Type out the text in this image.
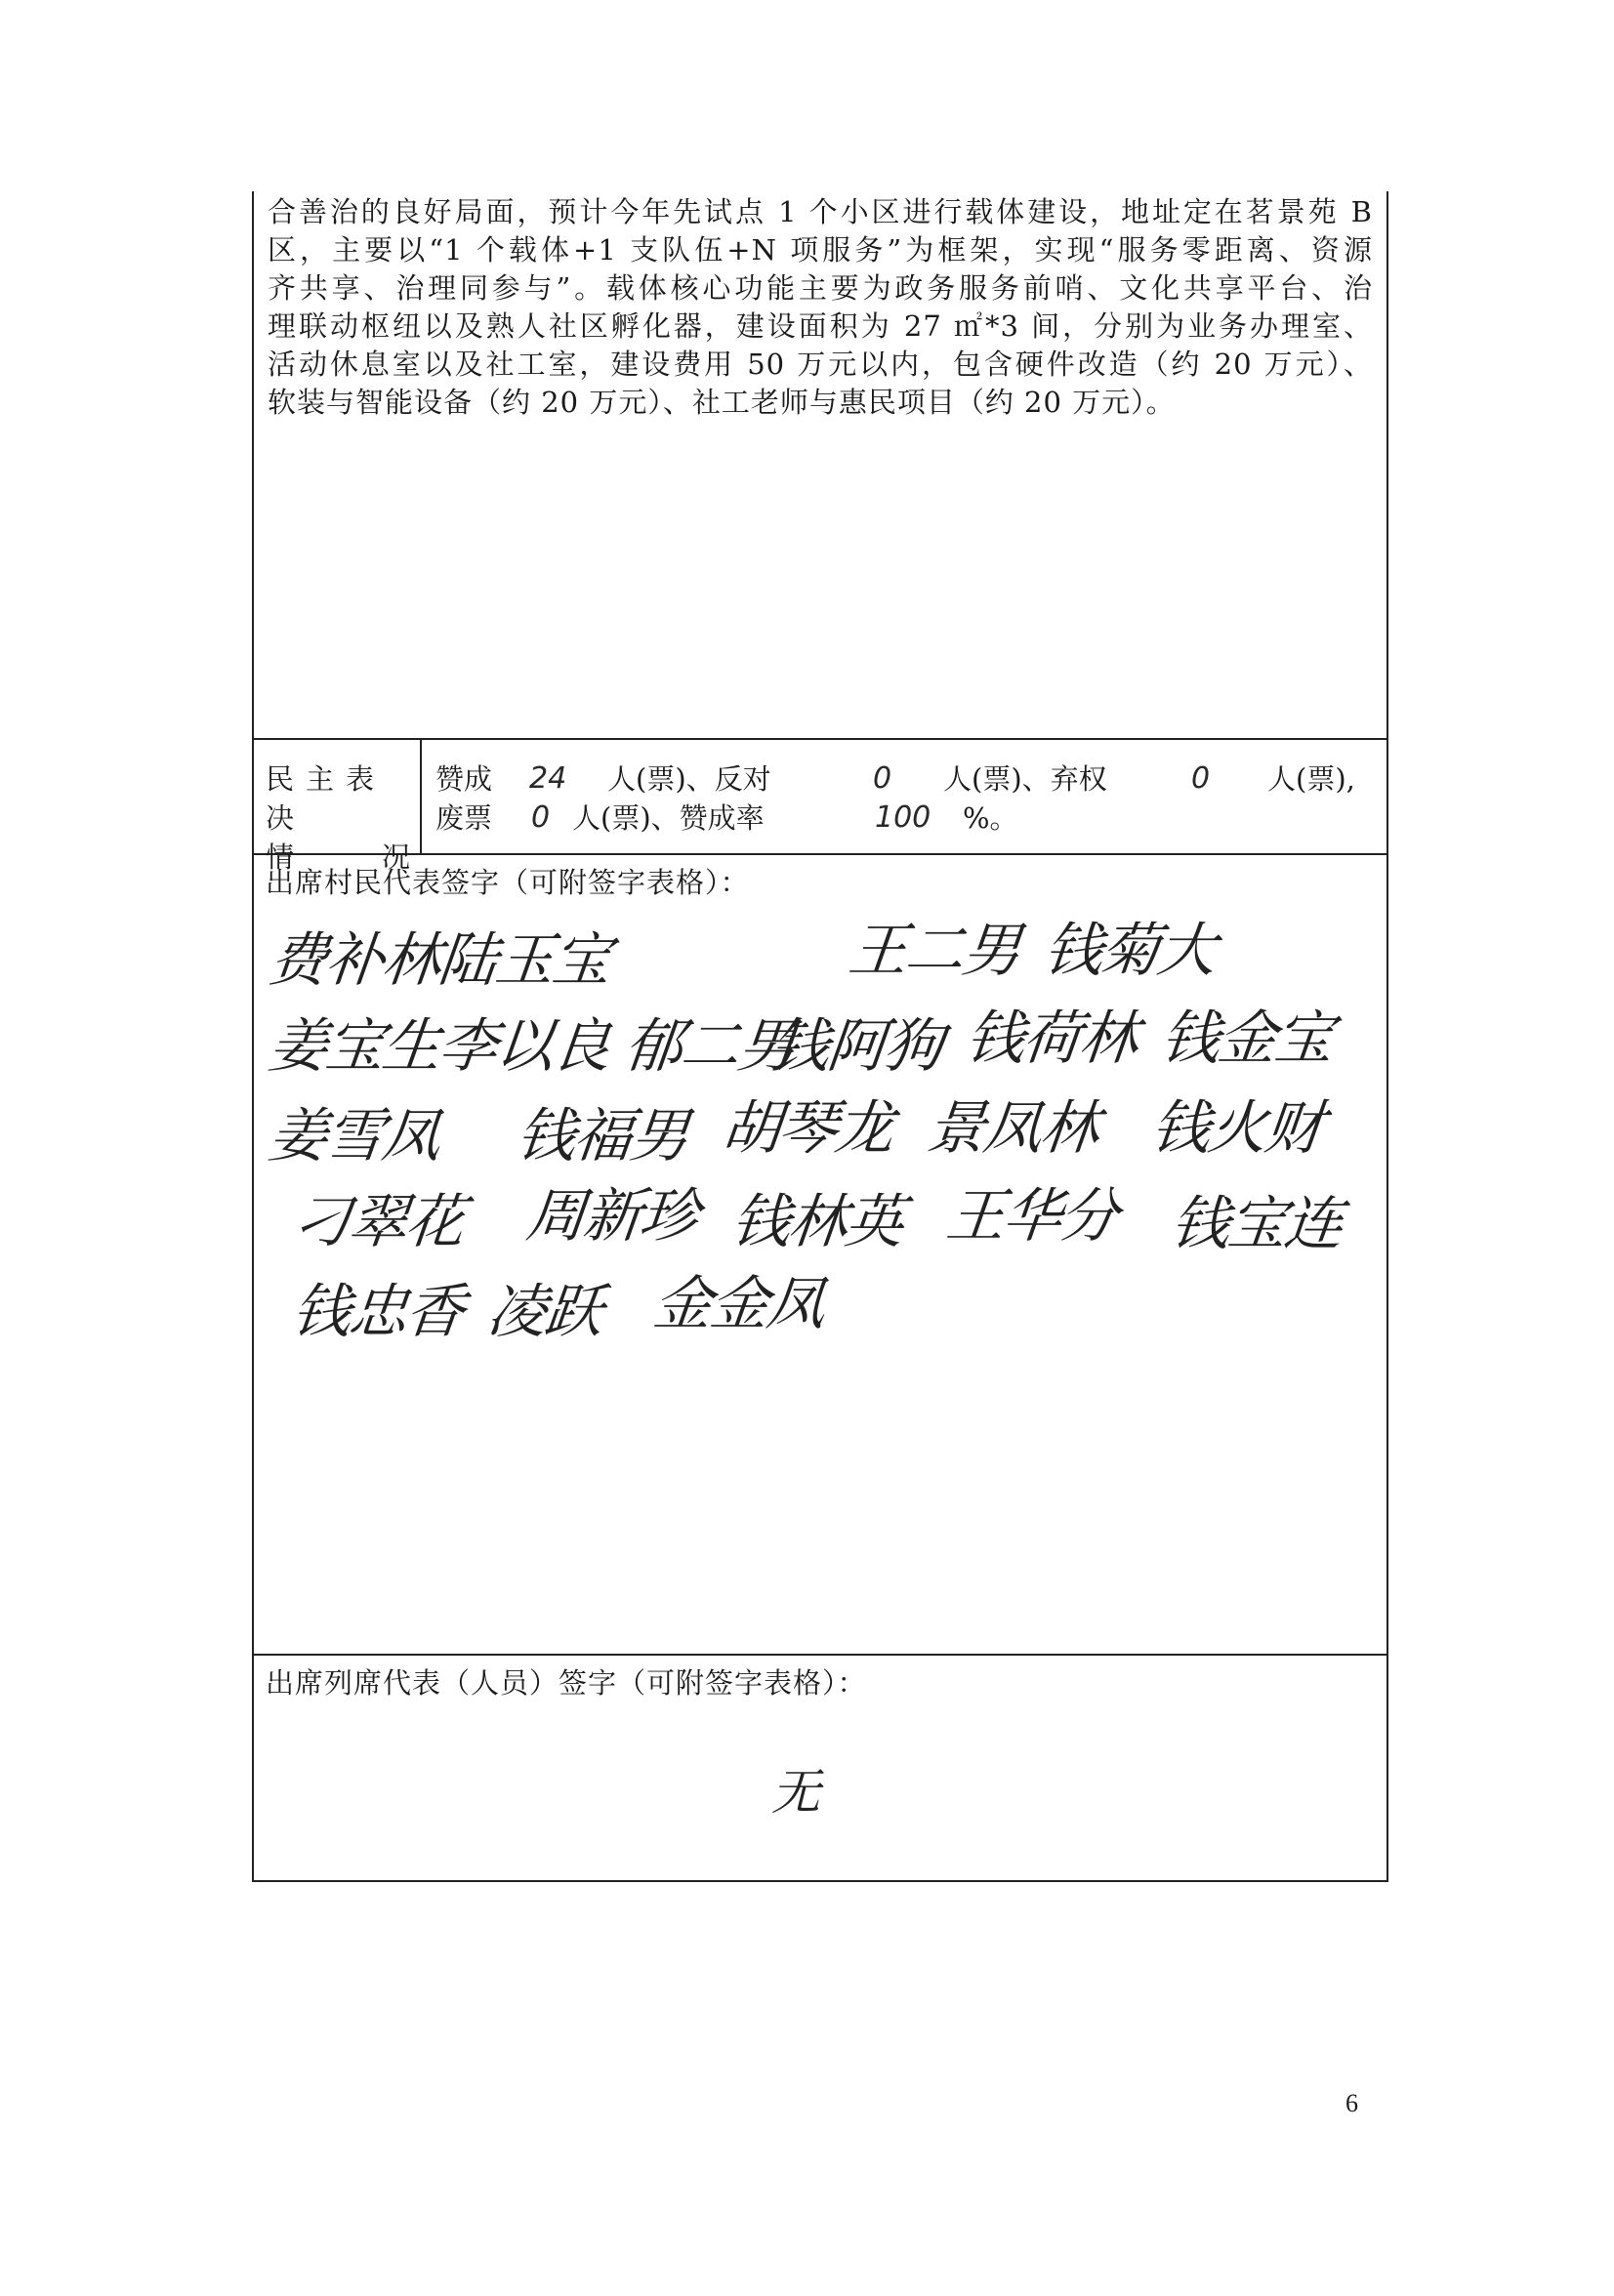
合善治的良好局面，预计今年先试点 1 个小区进行载体建设，地址定在茗景苑 B

区，主要以“1 个载体+1 支队伍+N 项服务”为框架，实现“服务零距离、资源

齐共享、治理同参与”。载体核心功能主要为政务服务前哨、文化共享平台、治

理联动枢纽以及熟人社区孵化器，建设面积为 27 ㎡*3 间，分别为业务办理室、

活动休息室以及社工室，建设费用 50 万元以内，包含硬件改造（约 20 万元）、

软装与智能设备（约 20 万元）、社工老师与惠民项目（约 20 万元）。

民主表决
情	况
赞成 24 人(票)、反对	0 人(票)、弃权	0 人(票),
废票 0 人(票)、赞成率	100 %。
出席村民代表签字（可附签字表格）：
费补林
陆玉宝	王二男 钱菊大
姜宝生
李以良 郁二男
钱阿狗 钱荷林 钱金宝
姜雪凤 钱福男 胡琴龙 景凤林 钱火财
刁翠花 周新珍 钱林英 王华分 钱宝连
钱忠香 凌跃 金金凤
出席列席代表（人员）签字（可附签字表格）：
无
6
